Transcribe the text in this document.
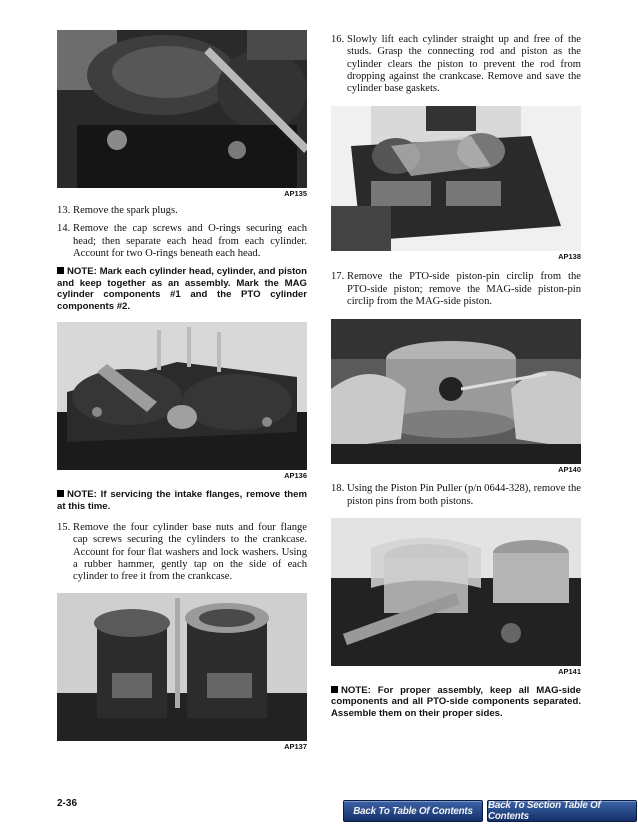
AP135

13. Remove the spark plugs.

14. Remove the cap screws and O-rings securing each head; then separate each head from each cylinder. Account for two O-rings beneath each head.

NOTE: Mark each cylinder head, cylinder, and piston and keep together as an assembly. Mark the MAG cylinder components #1 and the PTO cylinder components #2.

AP136

NOTE: If servicing the intake flanges, remove them at this time.

15. Remove the four cylinder base nuts and four flange cap screws securing the cylinders to the crankcase. Account for four flat washers and lock washers. Using a rubber hammer, gently tap on the side of each cylinder to free it from the crankcase.

AP137

16. Slowly lift each cylinder straight up and free of the studs. Grasp the connecting rod and piston as the cylinder clears the piston to prevent the rod from dropping against the crankcase. Remove and save the cylinder base gaskets.

AP138

17. Remove the PTO-side piston-pin circlip from the PTO-side piston; remove the MAG-side piston-pin circlip from the MAG-side piston.

AP140

18. Using the Piston Pin Puller (p/n 0644-328), remove the piston pins from both pistons.

AP141

NOTE: For proper assembly, keep all MAG-side components and all PTO-side components separated. Assemble them on their proper sides.

2-36
Back To Table Of Contents	Back To Section Table Of Contents
